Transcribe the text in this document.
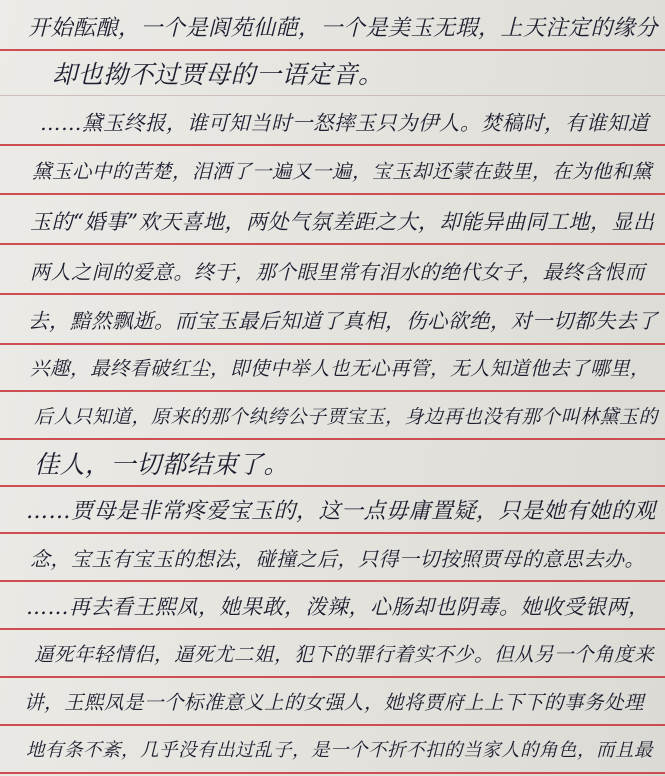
开始酝酿，一个是阆苑仙葩，一个是美玉无瑕，上天注定的缘分
却也拗不过贾母的一语定音。
……黛玉终报，谁可知当时一怒摔玉只为伊人。焚稿时，有谁知道
黛玉心中的苦楚，泪洒了一遍又一遍，宝玉却还蒙在鼓里，在为他和黛
玉的“婚事”欢天喜地，两处气氛差距之大，却能异曲同工地，显出
两人之间的爱意。终于，那个眼里常有泪水的绝代女子，最终含恨而
去，黯然飘逝。而宝玉最后知道了真相，伤心欲绝，对一切都失去了
兴趣，最终看破红尘，即使中举人也无心再管，无人知道他去了哪里，
后人只知道，原来的那个纨绔公子贾宝玉，身边再也没有那个叫林黛玉的
佳人，一切都结束了。
……贾母是非常疼爱宝玉的，这一点毋庸置疑，只是她有她的观
念，宝玉有宝玉的想法，碰撞之后，只得一切按照贾母的意思去办。
……再去看王熙凤，她果敢，泼辣，心肠却也阴毒。她收受银两，
逼死年轻情侣，逼死尤二姐，犯下的罪行着实不少。但从另一个角度来
讲，王熙凤是一个标准意义上的女强人，她将贾府上上下下的事务处理
地有条不紊，几乎没有出过乱子，是一个不折不扣的当家人的角色，而且最
